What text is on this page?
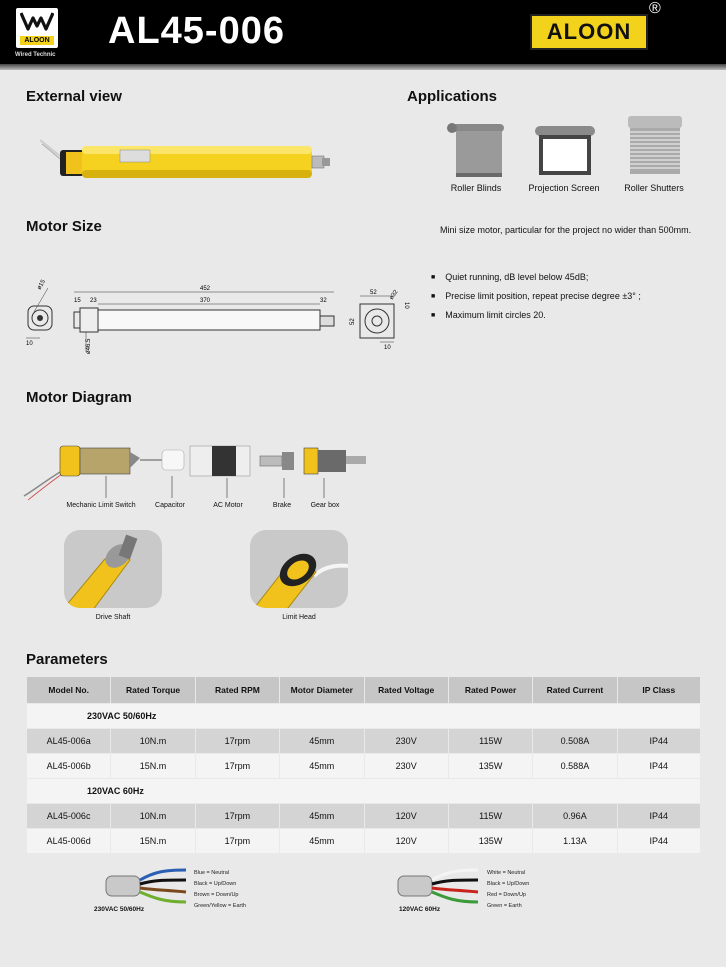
ALOON
Wired Technic
AL45-006	ALOON
®
External view	Applications
Motor Size
Motor Diagram
Parameters
Roller Blinds	Projection Screen	Roller Shutters
Mini size motor, particular for the project no wider than 500mm.
■ Quiet running, dB level below 45dB;
■ Precise limit position, repeat precise degree ±3° ;
■ Maximum limit circles 20.
ø15
10
452
370
15 23	32
ø46.5
52
52
ø32
10
10
Mechanic Limit Switch	Capacitor	AC Motor	Brake	Gear box
Drive Shaft	Limit Head
Model No.	Rated Torque	Rated RPM	Motor Diameter	Rated Voltage	Rated Power	Rated Current	IP Class
230VAC 50/60Hz							
AL45-006a	10N.m	17rpm	45mm	230V	115W	0.508A	IP44
AL45-006b	15N.m	17rpm	45mm	230V	135W	0.588A	IP44
120VAC 60Hz							
AL45-006c	10N.m	17rpm	45mm	120V	115W	0.96A	IP44
AL45-006d	15N.m	17rpm	45mm	120V	135W	1.13A	IP44
Blue = Neutral
Black = Up/Down
Brown = Down/Up
Green/Yellow = Earth
230VAC 50/60Hz
White = Neutral
Black = Up/Down
Red = Down/Up
Green = Earth
120VAC 60Hz
